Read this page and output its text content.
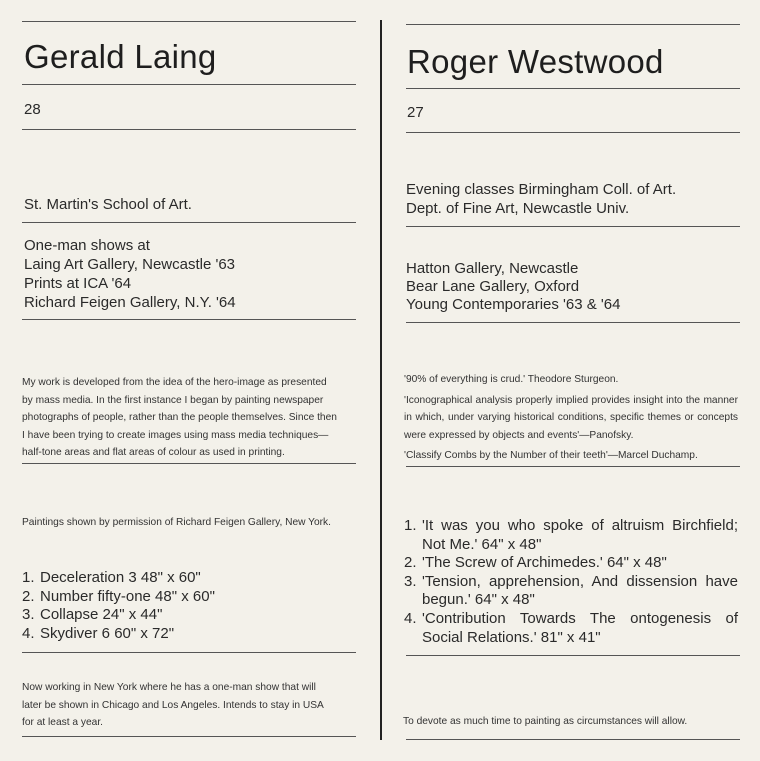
Gerald Laing

28

St. Martin's School of Art.

One-man shows at

Laing Art Gallery, Newcastle '63

Prints at ICA '64

Richard Feigen Gallery, N.Y. '64

My work is developed from the idea of the hero-image as presented

by mass media. In the first instance I began by painting newspaper

photographs of people, rather than the people themselves. Since then

I have been trying to create images using mass media techniques—

half-tone areas and flat areas of colour as used in printing.

Paintings shown by permission of Richard Feigen Gallery, New York.

1. Deceleration 3 48" x 60"
2. Number fifty-one 48" x 60"
3. Collapse 24" x 44"
4. Skydiver 6 60" x 72"

Now working in New York where he has a one-man show that will

later be shown in Chicago and Los Angeles. Intends to stay in USA

for at least a year.

Roger Westwood

27

Evening classes Birmingham Coll. of Art.

Dept. of Fine Art, Newcastle Univ.

Hatton Gallery, Newcastle

Bear Lane Gallery, Oxford

Young Contemporaries '63 & '64

'90% of everything is crud.' Theodore Sturgeon.

'Iconographical analysis properly implied provides insight into the manner in which, under varying historical conditions, specific themes or concepts were expressed by objects and events'—Panofsky.

'Classify Combs by the Number of their teeth'—Marcel Duchamp.

1. 'It was you who spoke of altruism Birchfield; Not Me.' 64" x 48"
2. 'The Screw of Archimedes.' 64" x 48"
3. 'Tension, apprehension, And dissension have begun.' 64" x 48"
4. 'Contribution Towards The ontogenesis of Social Relations.' 81" x 41"

To devote as much time to painting as circumstances will allow.
